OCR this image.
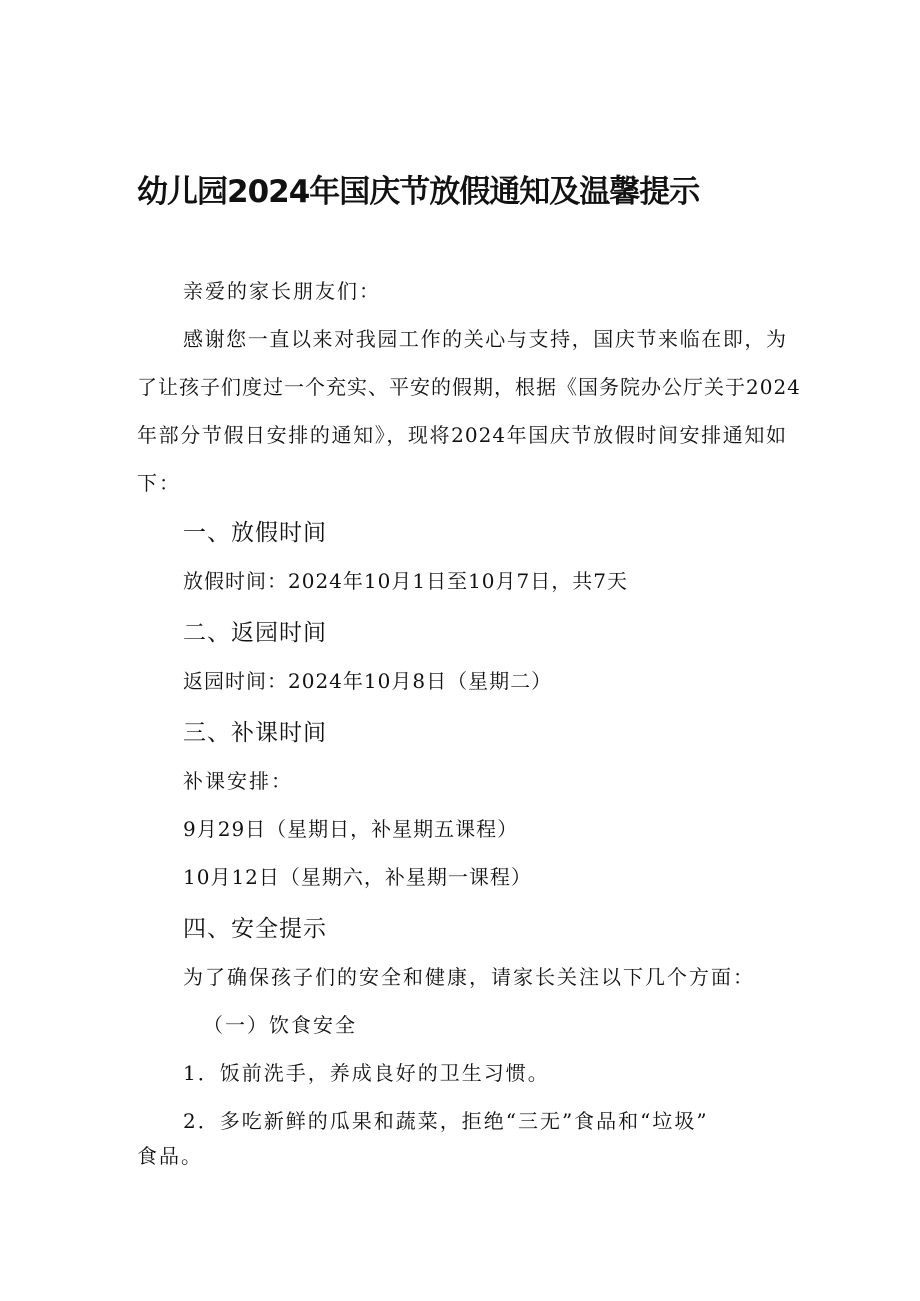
幼儿园2024年国庆节放假通知及温馨提示
亲爱的家长朋友们：
感谢您一直以来对我园工作的关心与支持，国庆节来临在即，为
了让孩子们度过一个充实、平安的假期，根据《国务院办公厅关于2024
年部分节假日安排的通知》，现将2024年国庆节放假时间安排通知如
下：
一、放假时间
放假时间：2024年10月1日至10月7日，共7天
二、返园时间
返园时间：2024年10月8日（星期二）
三、补课时间
补课安排：
9月29日（星期日，补星期五课程）
10月12日（星期六，补星期一课程）
四、安全提示
为了确保孩子们的安全和健康，请家长关注以下几个方面：
（一）饮食安全
1．饭前洗手，养成良好的卫生习惯。
2．多吃新鲜的瓜果和蔬菜，拒绝“三无”食品和“垃圾”
食品。
